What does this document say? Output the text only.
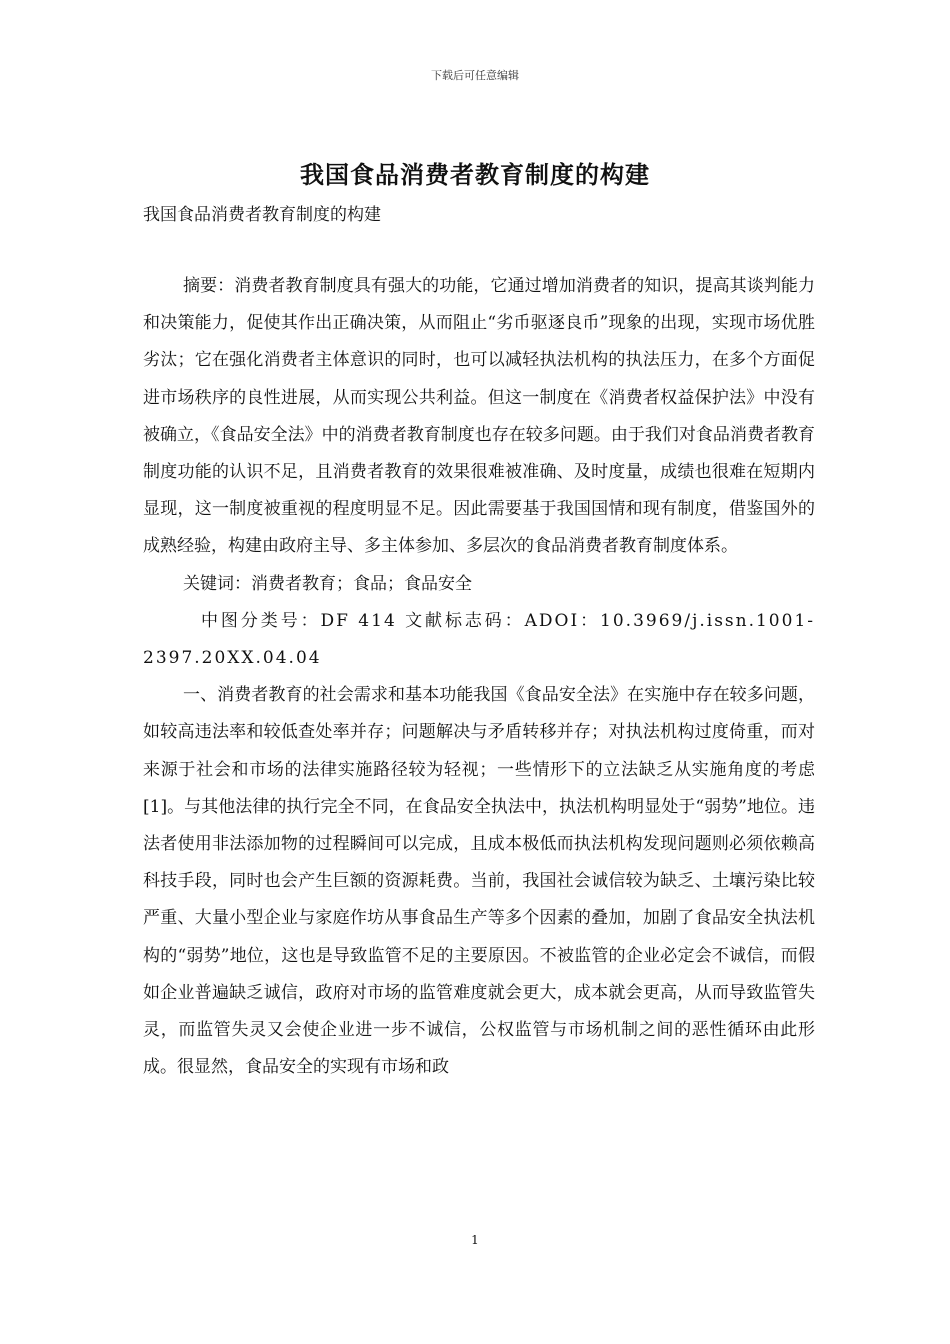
下载后可任意编辑
我国食品消费者教育制度的构建
我国食品消费者教育制度的构建

摘要：消费者教育制度具有强大的功能，它通过增加消费者的知识，提高其谈判能力和决策能力，促使其作出正确决策，从而阻止“劣币驱逐良币”现象的出现，实现市场优胜劣汰；它在强化消费者主体意识的同时，也可以减轻执法机构的执法压力，在多个方面促进市场秩序的良性进展，从而实现公共利益。但这一制度在《消费者权益保护法》中没有被确立，《食品安全法》中的消费者教育制度也存在较多问题。由于我们对食品消费者教育制度功能的认识不足，且消费者教育的效果很难被准确、及时度量，成绩也很难在短期内显现，这一制度被重视的程度明显不足。因此需要基于我国国情和现有制度，借鉴国外的成熟经验，构建由政府主导、多主体参加、多层次的食品消费者教育制度体系。

关键词：消费者教育；食品；食品安全

中图分类号：DF 414 文献标志码：ADOI：10.3969/j.issn.1001-2397.20XX.04.04

一、消费者教育的社会需求和基本功能我国《食品安全法》在实施中存在较多问题，如较高违法率和较低查处率并存；问题解决与矛盾转移并存；对执法机构过度倚重，而对来源于社会和市场的法律实施路径较为轻视；一些情形下的立法缺乏从实施角度的考虑[1]。与其他法律的执行完全不同，在食品安全执法中，执法机构明显处于“弱势”地位。违法者使用非法添加物的过程瞬间可以完成，且成本极低而执法机构发现问题则必须依赖高科技手段，同时也会产生巨额的资源耗费。当前，我国社会诚信较为缺乏、土壤污染比较严重、大量小型企业与家庭作坊从事食品生产等多个因素的叠加，加剧了食品安全执法机构的“弱势”地位，这也是导致监管不足的主要原因。不被监管的企业必定会不诚信，而假如企业普遍缺乏诚信，政府对市场的监管难度就会更大，成本就会更高，从而导致监管失灵，而监管失灵又会使企业进一步不诚信，公权监管与市场机制之间的恶性循环由此形成。很显然，食品安全的实现有市场和政

1
